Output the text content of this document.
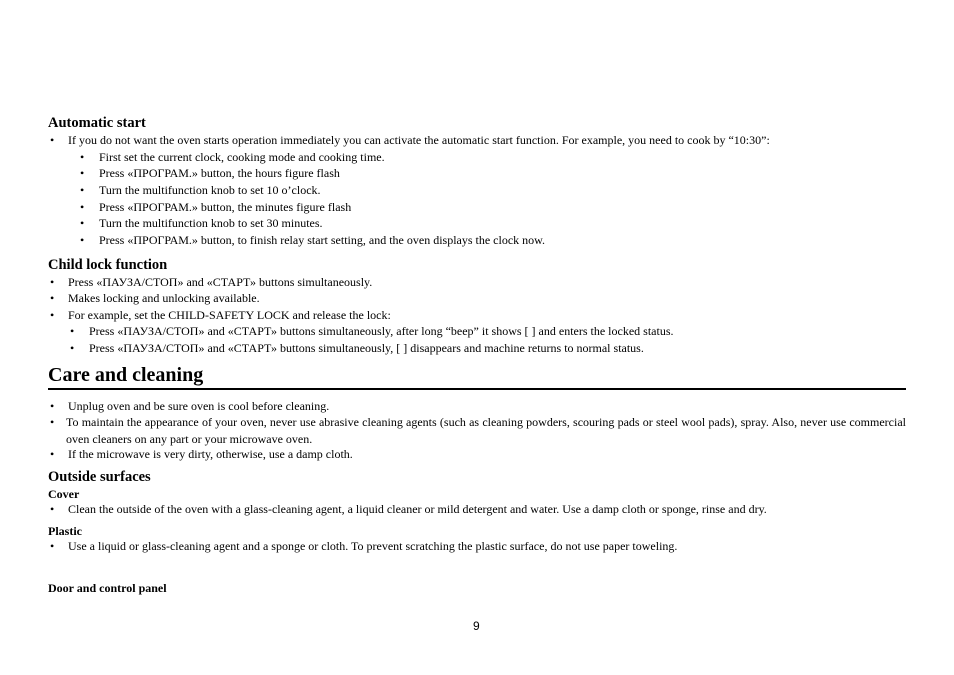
Automatic start
• If you do not want the oven starts operation immediately you can activate the automatic start function. For example, you need to cook by “10:30”:
• First set the current clock, cooking mode and cooking time.
• Press «ПРОГРАМ.» button, the hours figure flash
• Turn the multifunction knob to set 10 o’clock.
• Press «ПРОГРАМ.» button, the minutes figure flash
• Turn the multifunction knob to set 30 minutes.
• Press «ПРОГРАМ.» button, to finish relay start setting, and the oven displays the clock now.
Child lock function
• Press «ПАУЗА/СТОП» and «СТАРТ» buttons simultaneously.
• Makes locking and unlocking available.
• For example, set the CHILD-SAFETY LOCK and release the lock:
• Press «ПАУЗА/СТОП» and «СТАРТ» buttons simultaneously, after long “beep” it shows [ ] and enters the locked status.
• Press «ПАУЗА/СТОП» and «СТАРТ» buttons simultaneously, [ ] disappears and machine returns to normal status.
Care and cleaning
• Unplug oven and be sure oven is cool before cleaning.
• To maintain the appearance of your oven, never use abrasive cleaning agents (such as cleaning powders, scouring pads or steel wool pads), spray. Also, never use commercial oven cleaners on any part or your microwave oven.
• If the microwave is very dirty, otherwise, use a damp cloth.
Outside surfaces
Cover
• Clean the outside of the oven with a glass-cleaning agent, a liquid cleaner or mild detergent and water. Use a damp cloth or sponge, rinse and dry.
Plastic
• Use a liquid or glass-cleaning agent and a sponge or cloth. To prevent scratching the plastic surface, do not use paper toweling.
Door and control panel
9
